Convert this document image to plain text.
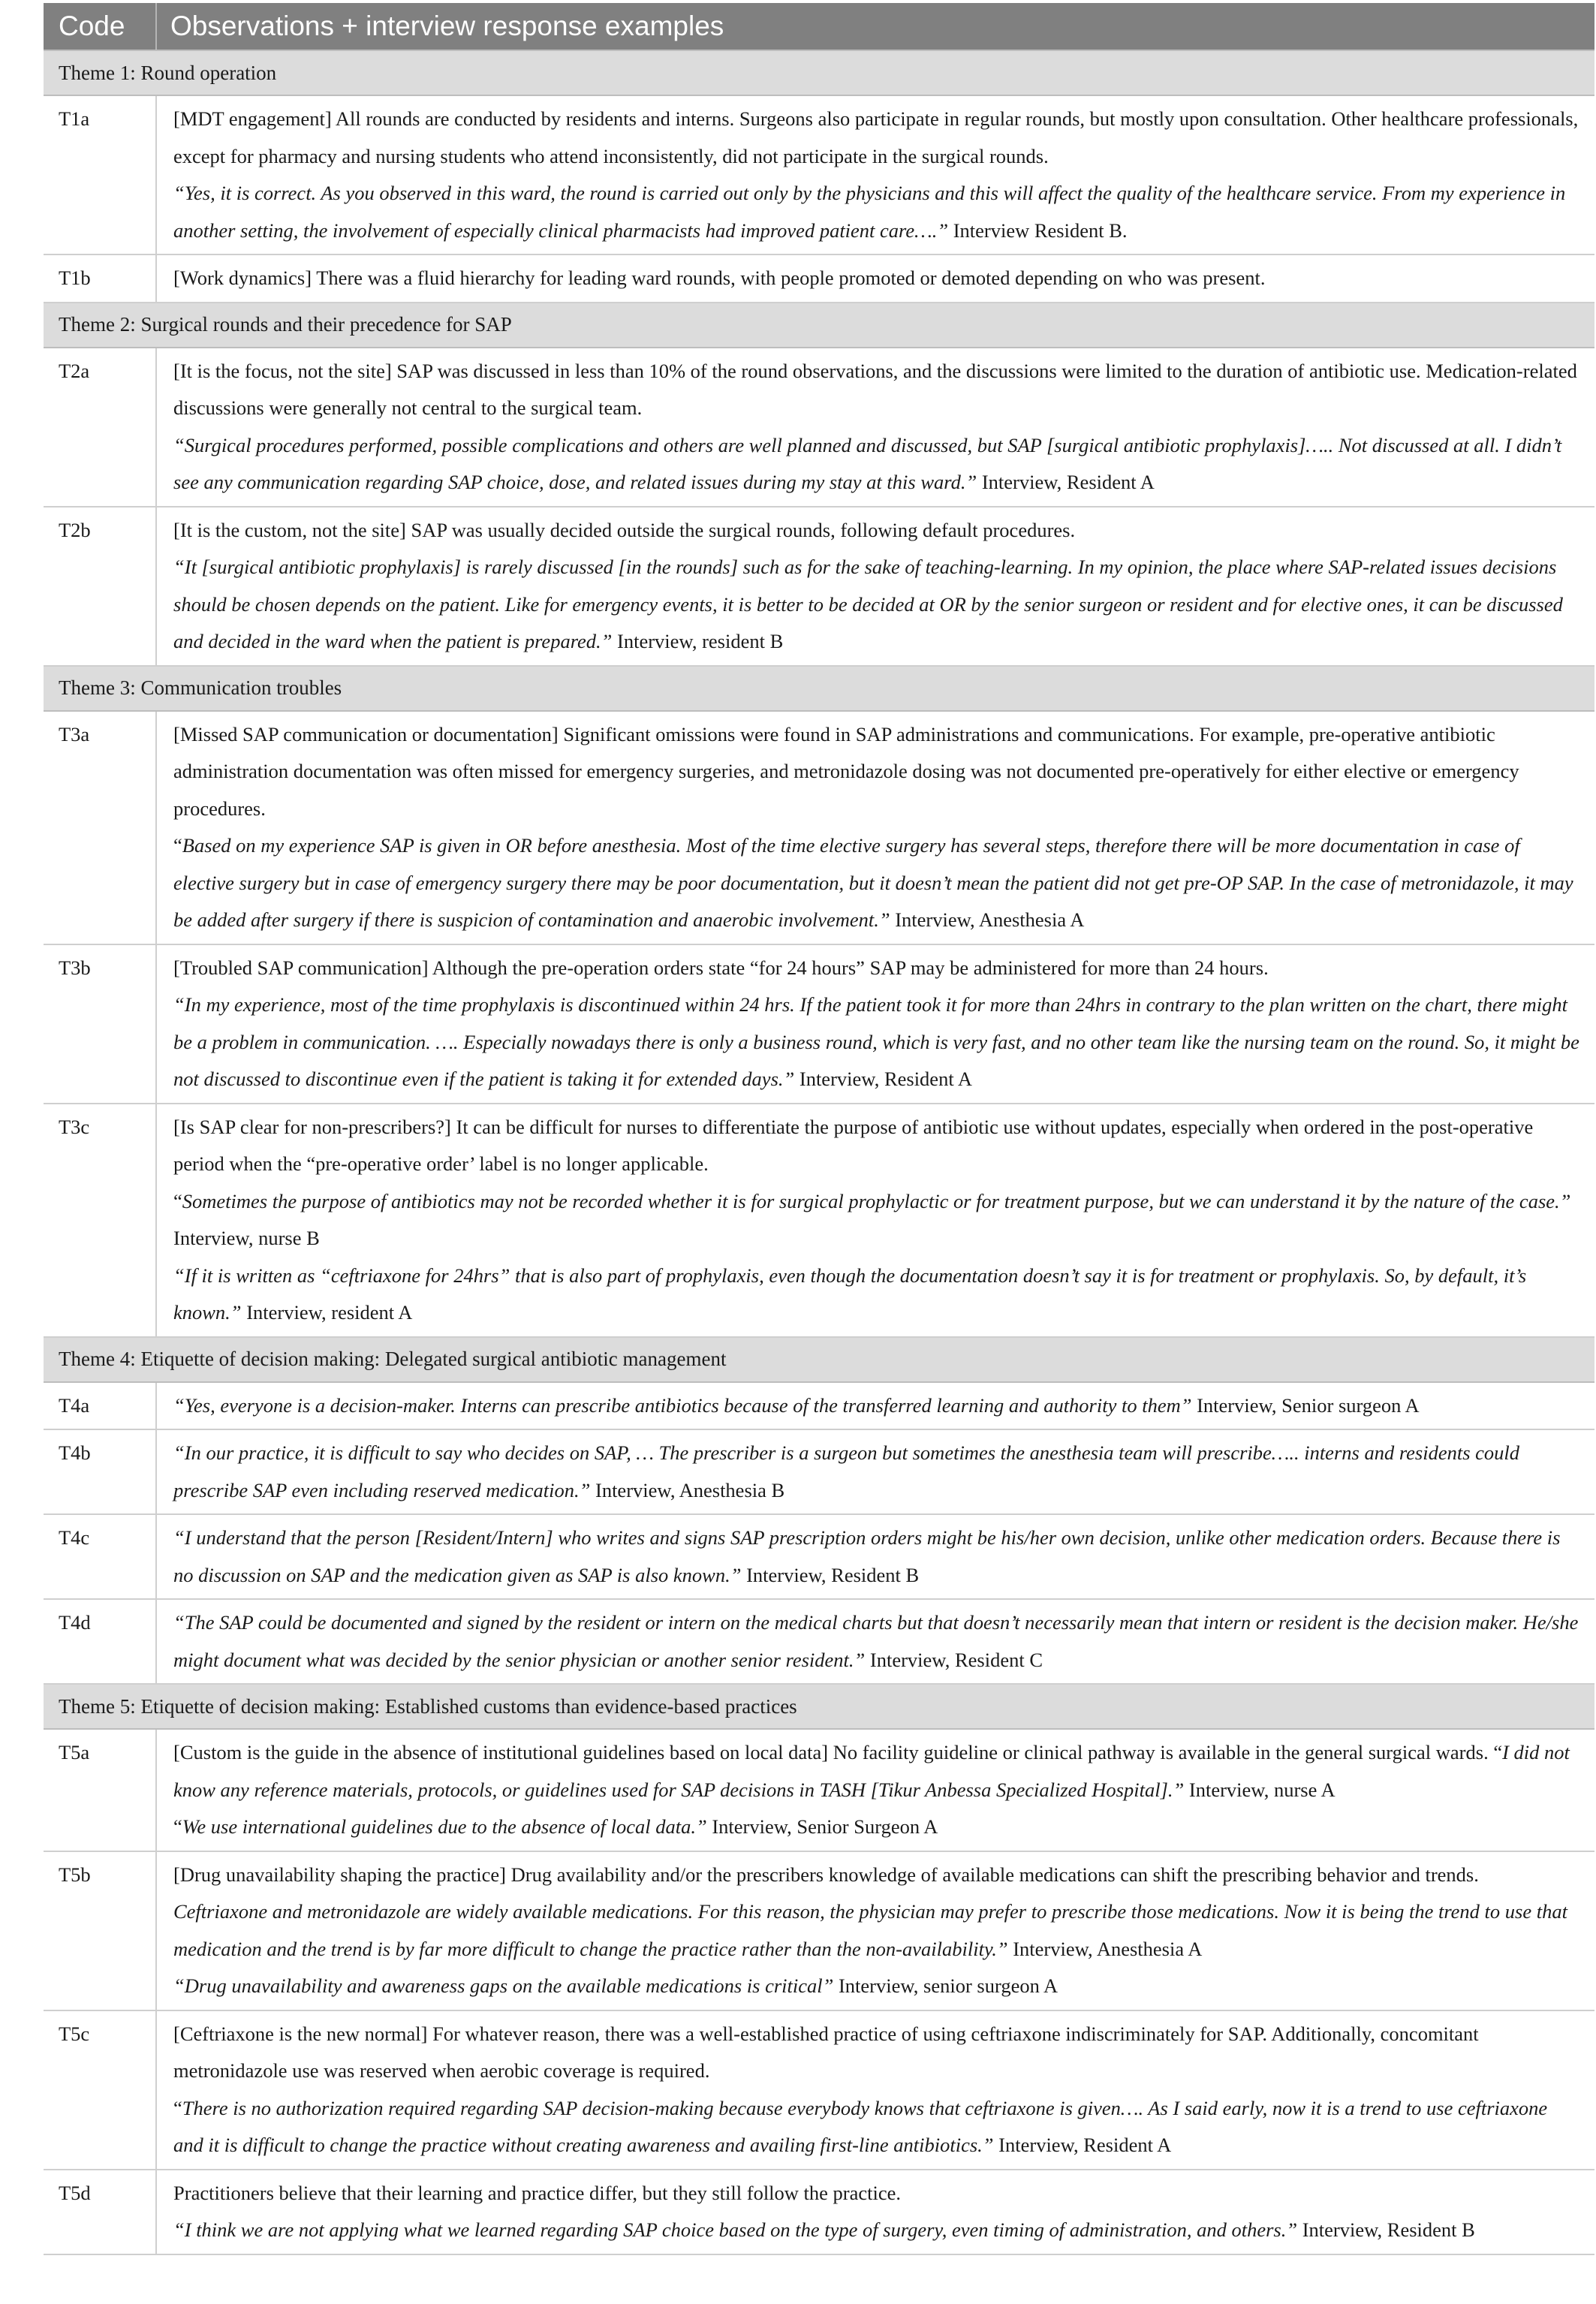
Code	Observations + interview response examples
Theme 1: Round operation	
T1a	[MDT engagement] All rounds are conducted by residents and interns. Surgeons also participate in regular rounds, but mostly upon consultation. Other healthcare professionals, except for pharmacy and nursing students who attend inconsistently, did not participate in the surgical rounds.
“Yes, it is correct. As you observed in this ward, the round is carried out only by the physicians and this will affect the quality of the healthcare service. From my experience in another setting, the involvement of especially clinical pharmacists had improved patient care….” Interview Resident B.

T1b	[Work dynamics] There was a fluid hierarchy for leading ward rounds, with people promoted or demoted depending on who was present.

Theme 2: Surgical rounds and their precedence for SAP	
T2a	[It is the focus, not the site] SAP was discussed in less than 10% of the round observations, and the discussions were limited to the duration of antibiotic use. Medication-related discussions were generally not central to the surgical team.
“Surgical procedures performed, possible complications and others are well planned and discussed, but SAP [surgical antibiotic prophylaxis]….. Not discussed at all. I didn’t see any communication regarding SAP choice, dose, and related issues during my stay at this ward.” Interview, Resident A

T2b	[It is the custom, not the site] SAP was usually decided outside the surgical rounds, following default procedures.
“It [surgical antibiotic prophylaxis] is rarely discussed [in the rounds] such as for the sake of teaching-learning. In my opinion, the place where SAP-related issues decisions should be chosen depends on the patient. Like for emergency events, it is better to be decided at OR by the senior surgeon or resident and for elective ones, it can be discussed and decided in the ward when the patient is prepared.” Interview, resident B

Theme 3: Communication troubles	
T3a	[Missed SAP communication or documentation] Significant omissions were found in SAP administrations and communications. For example, pre-operative antibiotic administration documentation was often missed for emergency surgeries, and metronidazole dosing was not documented pre-operatively for either elective or emergency procedures.
“Based on my experience SAP is given in OR before anesthesia. Most of the time elective surgery has several steps, therefore there will be more documentation in case of elective surgery but in case of emergency surgery there may be poor documentation, but it doesn’t mean the patient did not get pre-OP SAP. In the case of metronidazole, it may be added after surgery if there is suspicion of contamination and anaerobic involvement.” Interview, Anesthesia A

T3b	[Troubled SAP communication] Although the pre-operation orders state “for 24 hours” SAP may be administered for more than 24 hours.
“In my experience, most of the time prophylaxis is discontinued within 24 hrs. If the patient took it for more than 24hrs in contrary to the plan written on the chart, there might be a problem in communication. …. Especially nowadays there is only a business round, which is very fast, and no other team like the nursing team on the round. So, it might be not discussed to discontinue even if the patient is taking it for extended days.” Interview, Resident A

T3c	[Is SAP clear for non-prescribers?] It can be difficult for nurses to differentiate the purpose of antibiotic use without updates, especially when ordered in the post-operative period when the “pre-operative order’ label is no longer applicable.
“Sometimes the purpose of antibiotics may not be recorded whether it is for surgical prophylactic or for treatment purpose, but we can understand it by the nature of the case.” Interview, nurse B
“If it is written as “ceftriaxone for 24hrs” that is also part of prophylaxis, even though the documentation doesn’t say it is for treatment or prophylaxis. So, by default, it’s known.” Interview, resident A

Theme 4: Etiquette of decision making: Delegated surgical antibiotic management	
T4a	“Yes, everyone is a decision-maker. Interns can prescribe antibiotics because of the transferred learning and authority to them” Interview, Senior surgeon A

T4b	“In our practice, it is difficult to say who decides on SAP, … The prescriber is a surgeon but sometimes the anesthesia team will prescribe….. interns and residents could prescribe SAP even including reserved medication.” Interview, Anesthesia B

T4c	“I understand that the person [Resident/Intern] who writes and signs SAP prescription orders might be his/her own decision, unlike other medication orders. Because there is no discussion on SAP and the medication given as SAP is also known.” Interview, Resident B

T4d	“The SAP could be documented and signed by the resident or intern on the medical charts but that doesn’t necessarily mean that intern or resident is the decision maker. He/she might document what was decided by the senior physician or another senior resident.” Interview, Resident C

Theme 5: Etiquette of decision making: Established customs than evidence-based practices	
T5a	[Custom is the guide in the absence of institutional guidelines based on local data] No facility guideline or clinical pathway is available in the general surgical wards. “I did not know any reference materials, protocols, or guidelines used for SAP decisions in TASH [Tikur Anbessa Specialized Hospital].” Interview, nurse A
“We use international guidelines due to the absence of local data.” Interview, Senior Surgeon A

T5b	[Drug unavailability shaping the practice] Drug availability and/or the prescribers knowledge of available medications can shift the prescribing behavior and trends.
Ceftriaxone and metronidazole are widely available medications. For this reason, the physician may prefer to prescribe those medications. Now it is being the trend to use that medication and the trend is by far more difficult to change the practice rather than the non-availability.” Interview, Anesthesia A
“Drug unavailability and awareness gaps on the available medications is critical” Interview, senior surgeon A

T5c	[Ceftriaxone is the new normal] For whatever reason, there was a well-established practice of using ceftriaxone indiscriminately for SAP. Additionally, concomitant metronidazole use was reserved when aerobic coverage is required.
“There is no authorization required regarding SAP decision-making because everybody knows that ceftriaxone is given…. As I said early, now it is a trend to use ceftriaxone and it is difficult to change the practice without creating awareness and availing first-line antibiotics.” Interview, Resident A

T5d	Practitioners believe that their learning and practice differ, but they still follow the practice.
“I think we are not applying what we learned regarding SAP choice based on the type of surgery, even timing of administration, and others.” Interview, Resident B
